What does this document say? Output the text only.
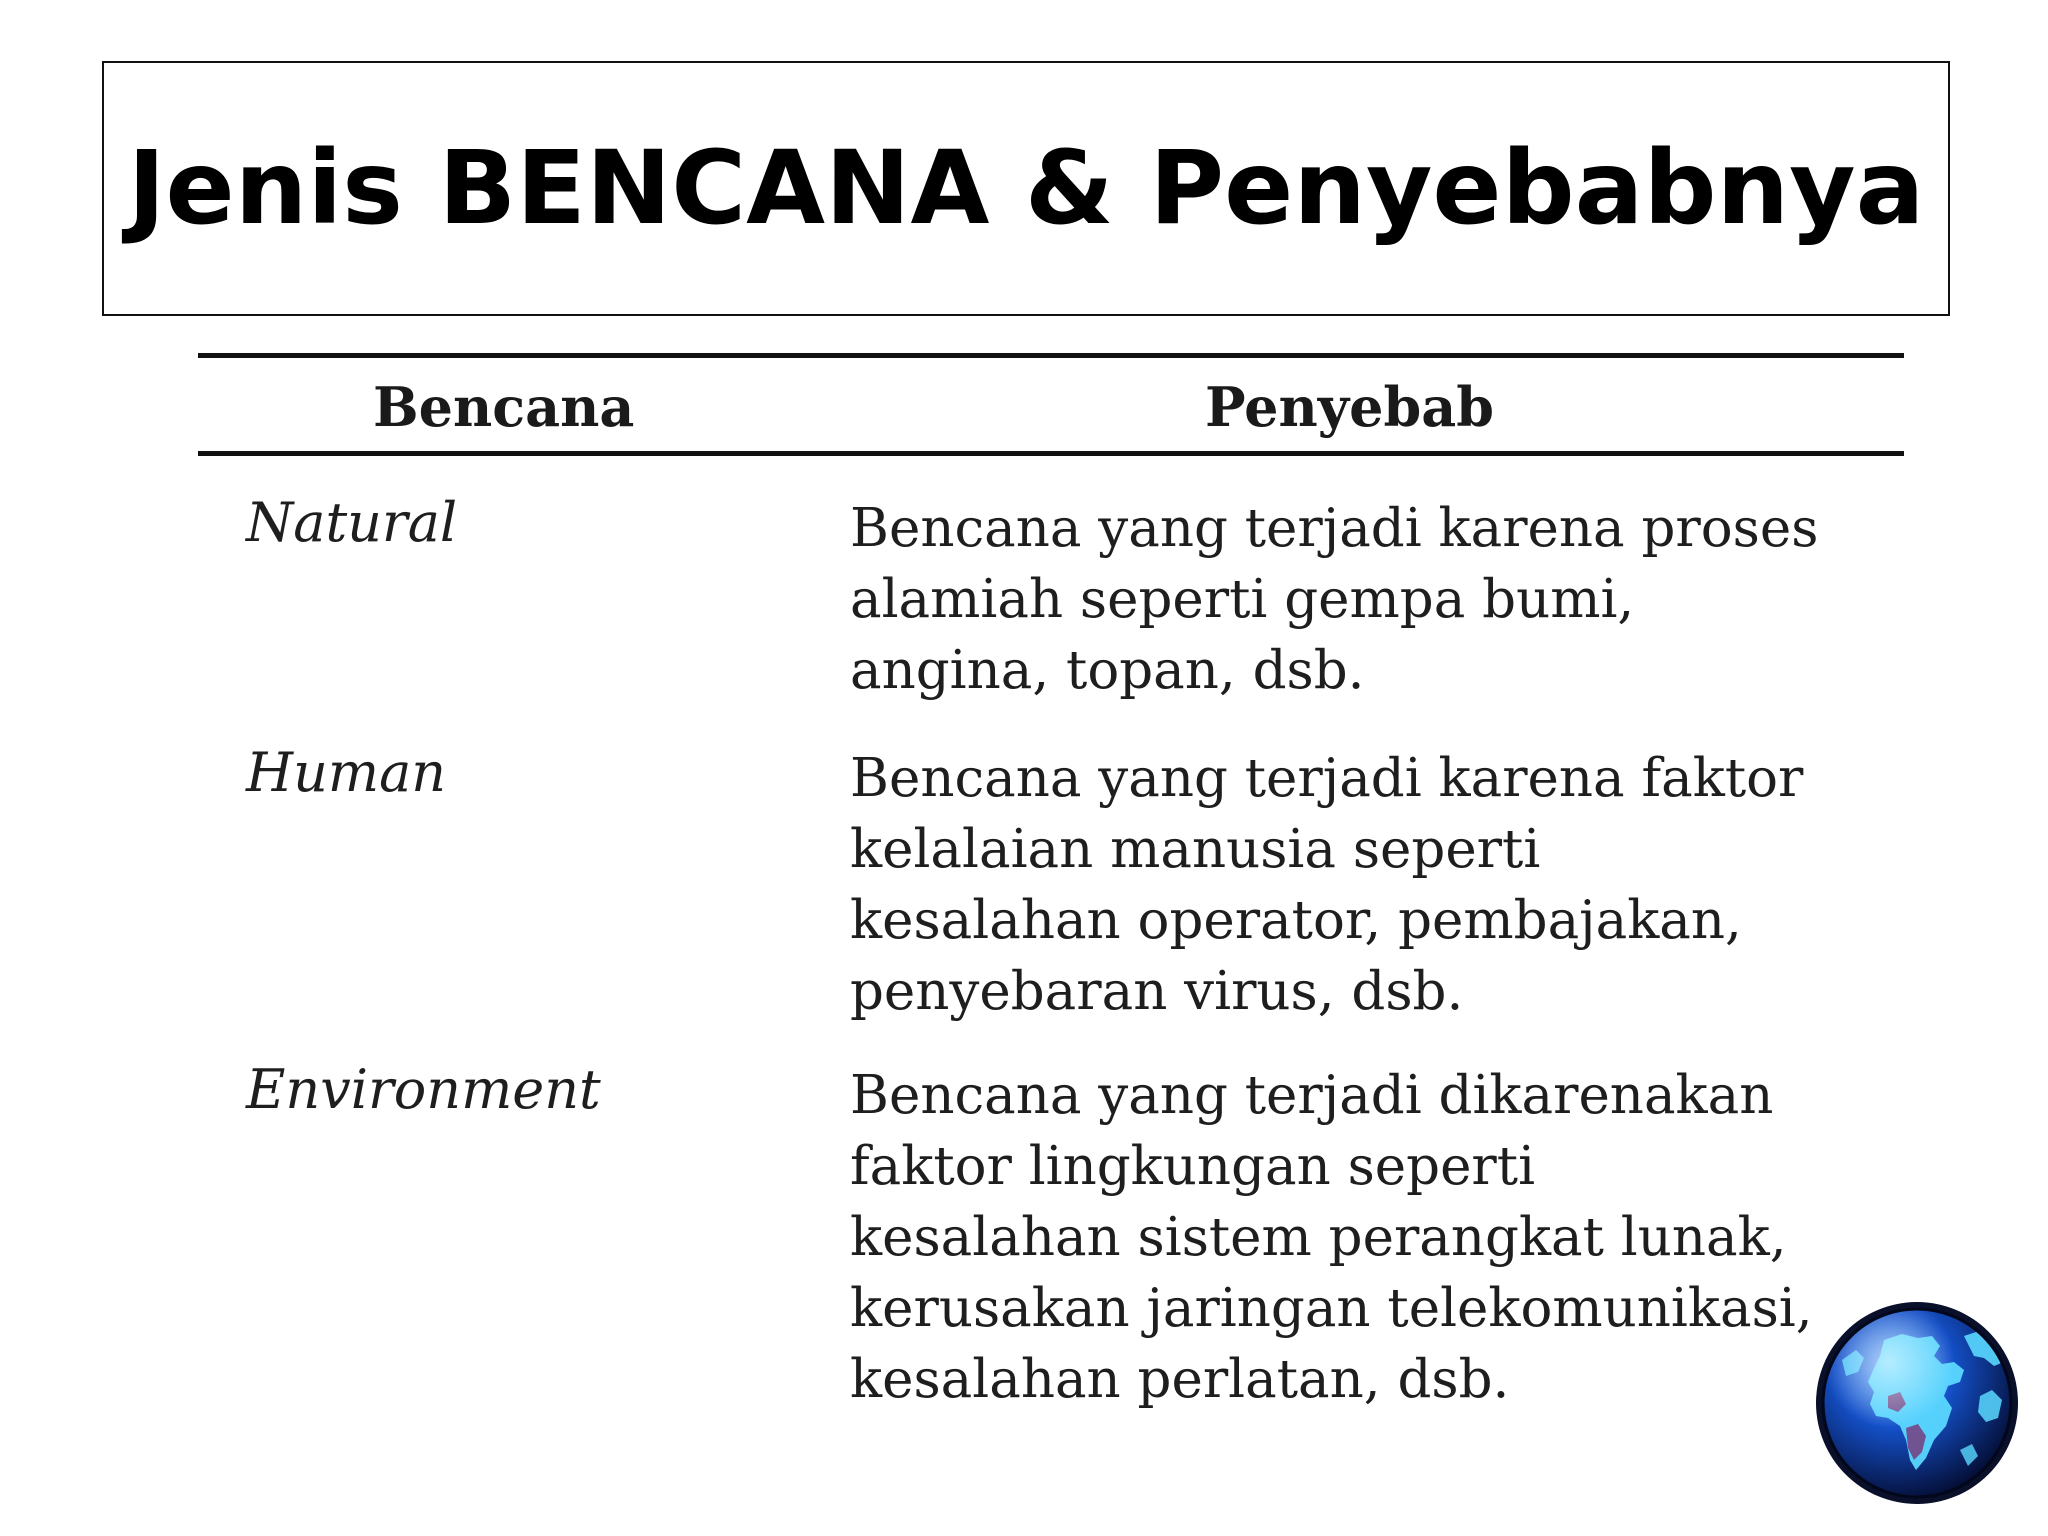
Jenis BENCANA & Penyebabnya
Bencana	Penyebab
Natural	Bencana yang terjadi karena proses
alamiah seperti gempa bumi,
angina, topan, dsb.
Human	Bencana yang terjadi karena faktor
kelalaian manusia seperti
kesalahan operator, pembajakan,
penyebaran virus, dsb.
Environment	Bencana yang terjadi dikarenakan
faktor lingkungan seperti
kesalahan sistem perangkat lunak,
kerusakan jaringan telekomunikasi,
kesalahan perlatan, dsb.
